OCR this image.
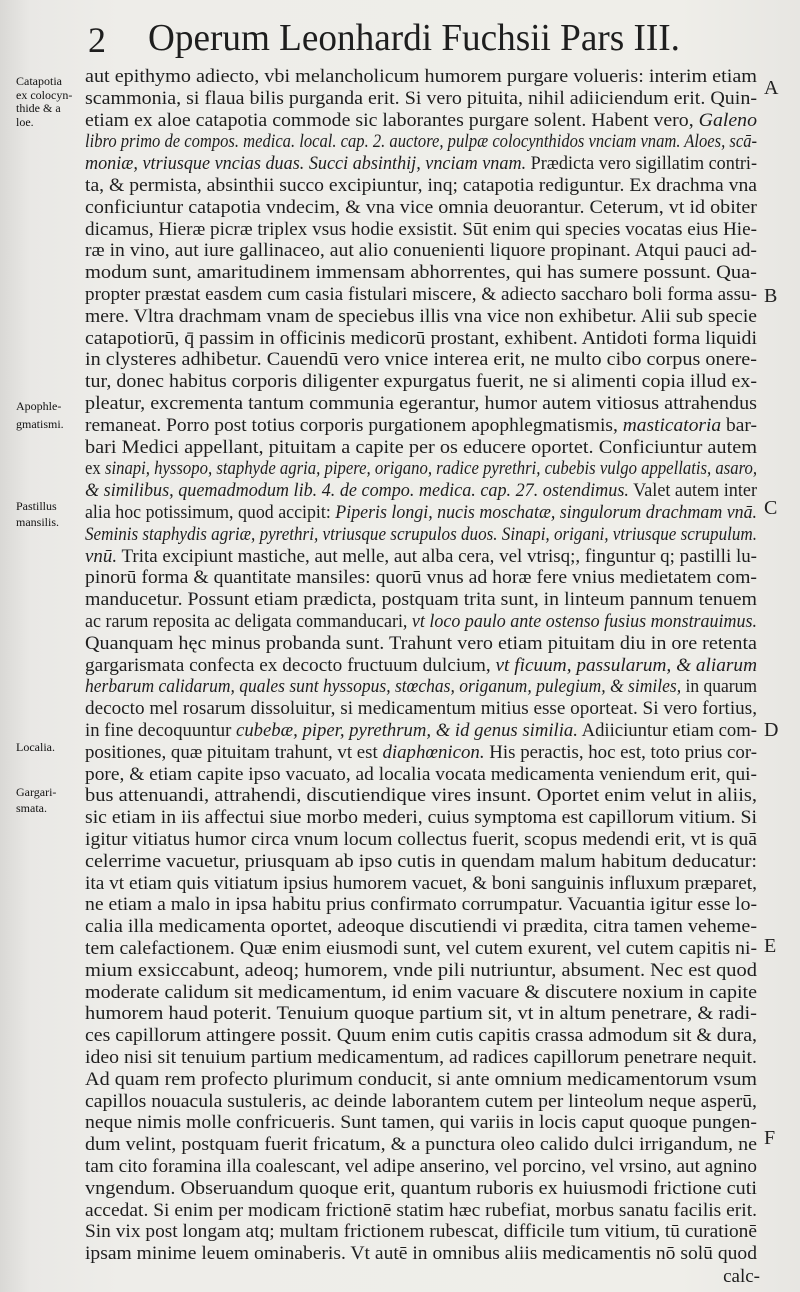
2 Operum Leonhardi Fuchsii Pars III.
Catapotia
ex colocyn-
thide & a
loe.
Apophle-
gmatismi.
Pastillus
mansilis.
Localia.
Gargari-
smata.
aut epithymo adiecto, vbi melancholicum humorem purgare volueris: interim etiam
scammonia, si flaua bilis purganda erit. Si vero pituita, nihil adiiciendum erit. Quin-
etiam ex aloe catapotia commode sic laborantes purgare solent. Habent vero, Galeno
libro primo de compos. medica. local. cap. 2. auctore, pulpæ colocynthidos vnciam vnam. Aloes, scā-
moniæ, vtriusque vncias duas. Succi absinthij, vnciam vnam. Prædicta vero sigillatim contri-
ta, & permista, absinthii succo excipiuntur, inq; catapotia rediguntur. Ex drachma vna
conficiuntur catapotia vndecim, & vna vice omnia deuorantur. Ceterum, vt id obiter
dicamus, Hieræ picræ triplex vsus hodie exsistit. Sūt enim qui species vocatas eius Hie-
ræ in vino, aut iure gallinaceo, aut alio conuenienti liquore propinant. Atqui pauci ad-
modum sunt, amaritudinem immensam abhorrentes, qui has sumere possunt. Qua-
propter præstat easdem cum casia fistulari miscere, & adiecto saccharo boli forma assu-
mere. Vltra drachmam vnam de speciebus illis vna vice non exhibetur. Alii sub specie
catapotiorū, q̄ passim in officinis medicorū prostant, exhibent. Antidoti forma liquidi
in clysteres adhibetur. Cauendū vero vnice interea erit, ne multo cibo corpus onere-
tur, donec habitus corporis diligenter expurgatus fuerit, ne si alimenti copia illud ex-
pleatur, excrementa tantum communia egerantur, humor autem vitiosus attrahendus
remaneat. Porro post totius corporis purgationem apophlegmatismis, masticatoria bar-
bari Medici appellant, pituitam a capite per os educere oportet. Conficiuntur autem
ex sinapi, hyssopo, staphyde agria, pipere, origano, radice pyrethri, cubebis vulgo appellatis, asaro,
& similibus, quemadmodum lib. 4. de compo. medica. cap. 27. ostendimus. Valet autem inter
alia hoc potissimum, quod accipit: Piperis longi, nucis moschatæ, singulorum drachmam vnā.
Seminis staphydis agriæ, pyrethri, vtriusque scrupulos duos. Sinapi, origani, vtriusque scrupulum.
vnū. Trita excipiunt mastiche, aut melle, aut alba cera, vel vtrisq;, finguntur q; pastilli lu-
pinorū forma & quantitate mansiles: quorū vnus ad horæ fere vnius medietatem com-
manducetur. Possunt etiam prædicta, postquam trita sunt, in linteum pannum tenuem
ac rarum reposita ac deligata commanducari, vt loco paulo ante ostenso fusius monstrauimus.
Quanquam hęc minus probanda sunt. Trahunt vero etiam pituitam diu in ore retenta
gargarismata confecta ex decocto fructuum dulcium, vt ficuum, passularum, & aliarum
herbarum calidarum, quales sunt hyssopus, stœchas, origanum, pulegium, & similes, in quarum
decocto mel rosarum dissoluitur, si medicamentum mitius esse oporteat. Si vero fortius,
in fine decoquuntur cubebæ, piper, pyrethrum, & id genus similia. Adiiciuntur etiam com-
positiones, quæ pituitam trahunt, vt est diaphœnicon. His peractis, hoc est, toto prius cor-
pore, & etiam capite ipso vacuato, ad localia vocata medicamenta veniendum erit, qui-
bus attenuandi, attrahendi, discutiendique vires insunt. Oportet enim velut in aliis,
sic etiam in iis affectui siue morbo mederi, cuius symptoma est capillorum vitium. Si
igitur vitiatus humor circa vnum locum collectus fuerit, scopus medendi erit, vt is quā
celerrime vacuetur, priusquam ab ipso cutis in quendam malum habitum deducatur:
ita vt etiam quis vitiatum ipsius humorem vacuet, & boni sanguinis influxum præparet,
ne etiam a malo in ipsa habitu prius confirmato corrumpatur. Vacuantia igitur esse lo-
calia illa medicamenta oportet, adeoque discutiendi vi prædita, citra tamen veheme-
tem calefactionem. Quæ enim eiusmodi sunt, vel cutem exurent, vel cutem capitis ni-
mium exsiccabunt, adeoq; humorem, vnde pili nutriuntur, absument. Nec est quod
moderate calidum sit medicamentum, id enim vacuare & discutere noxium in capite
humorem haud poterit. Tenuium quoque partium sit, vt in altum penetrare, & radi-
ces capillorum attingere possit. Quum enim cutis capitis crassa admodum sit & dura,
ideo nisi sit tenuium partium medicamentum, ad radices capillorum penetrare nequit.
Ad quam rem profecto plurimum conducit, si ante omnium medicamentorum vsum
capillos nouacula sustuleris, ac deinde laborantem cutem per linteolum neque asperū,
neque nimis molle confricueris. Sunt tamen, qui variis in locis caput quoque pungen-
dum velint, postquam fuerit fricatum, & a punctura oleo calido dulci irrigandum, ne
tam cito foramina illa coalescant, vel adipe anserino, vel porcino, vel vrsino, aut agnino
vngendum. Obseruandum quoque erit, quantum ruboris ex huiusmodi frictione cuti
accedat. Si enim per modicam frictionē statim hæc rubefiat, morbus sanatu facilis erit.
Sin vix post longam atq; multam frictionem rubescat, difficile tum vitium, tū curationē
ipsam minime leuem ominaberis. Vt autē in omnibus aliis medicamentis nō solū quod
A
B
C
D
E
F
calc-
